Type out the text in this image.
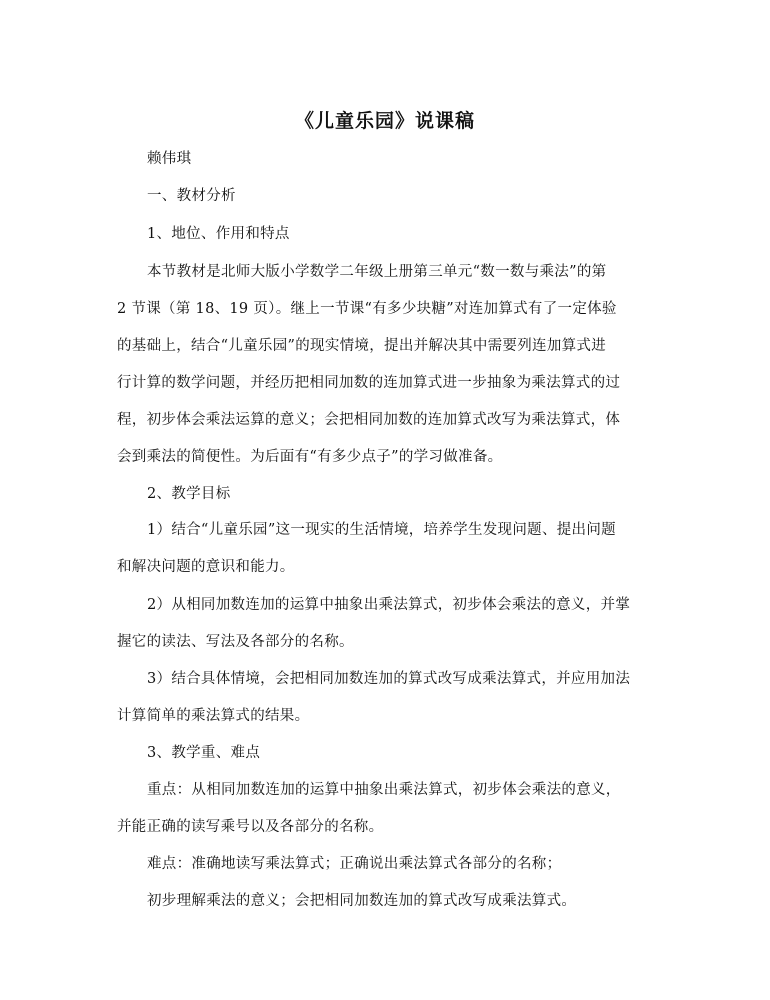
《儿童乐园》说课稿
赖伟琪
一、教材分析
1、地位、作用和特点
本节教材是北师大版小学数学二年级上册第三单元“数一数与乘法”的第
2 节课（第 18、19 页）。继上一节课“有多少块糖”对连加算式有了一定体验
的基础上，结合“儿童乐园”的现实情境，提出并解决其中需要列连加算式进
行计算的数学问题，并经历把相同加数的连加算式进一步抽象为乘法算式的过
程，初步体会乘法运算的意义；会把相同加数的连加算式改写为乘法算式，体
会到乘法的简便性。为后面有“有多少点子”的学习做准备。
2、教学目标
1）结合“儿童乐园”这一现实的生活情境，培养学生发现问题、提出问题
和解决问题的意识和能力。
2）从相同加数连加的运算中抽象出乘法算式，初步体会乘法的意义，并掌
握它的读法、写法及各部分的名称。
3）结合具体情境，会把相同加数连加的算式改写成乘法算式，并应用加法
计算简单的乘法算式的结果。
3、教学重、难点
重点：从相同加数连加的运算中抽象出乘法算式，初步体会乘法的意义，
并能正确的读写乘号以及各部分的名称。
难点：准确地读写乘法算式；正确说出乘法算式各部分的名称；
初步理解乘法的意义；会把相同加数连加的算式改写成乘法算式。
